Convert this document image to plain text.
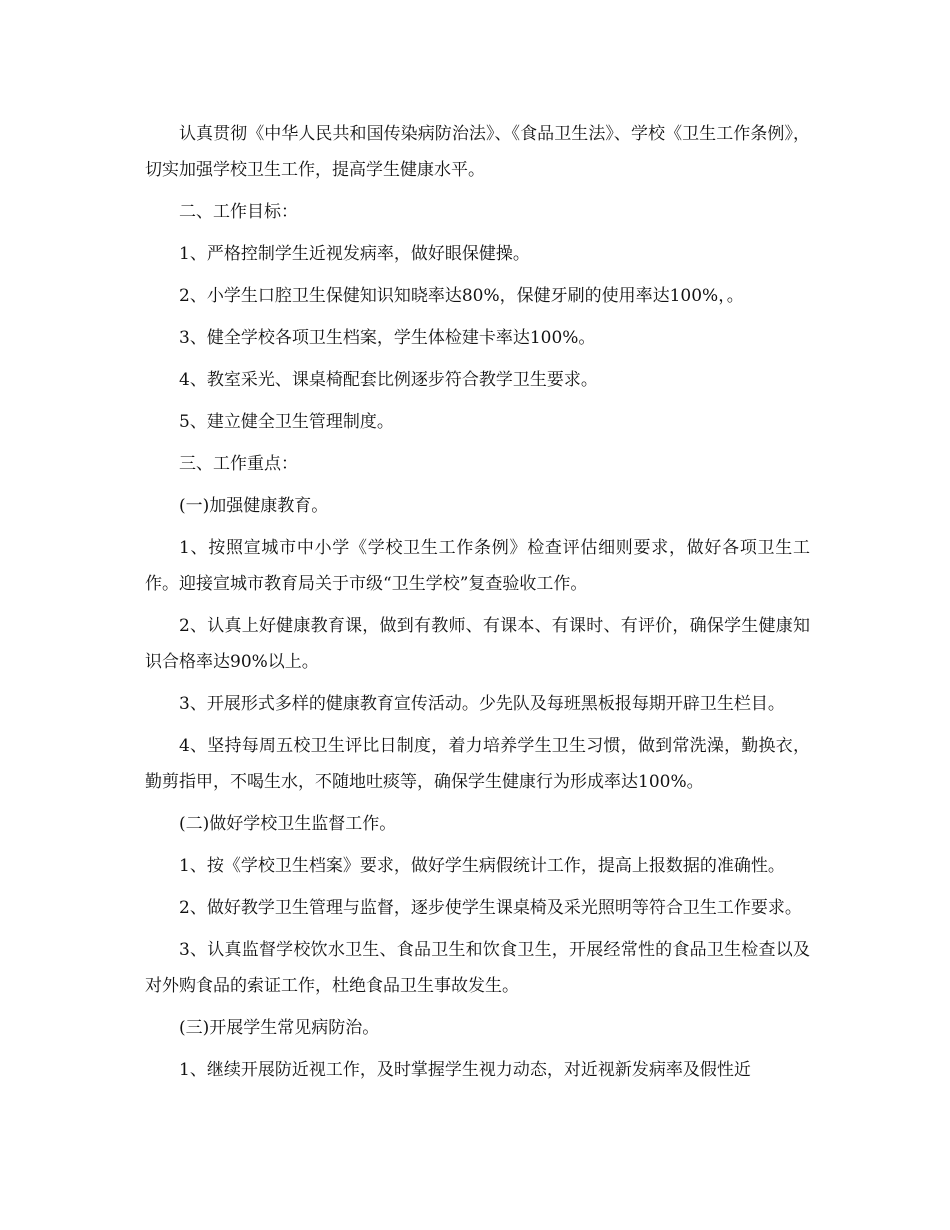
认真贯彻《中华人民共和国传染病防治法》、《食品卫生法》、学校《卫生工作条例》，切实加强学校卫生工作，提高学生健康水平。

二、工作目标：

1、严格控制学生近视发病率，做好眼保健操。

2、小学生口腔卫生保健知识知晓率达80%，保健牙刷的使用率达100%，。

3、健全学校各项卫生档案，学生体检建卡率达100%。

4、教室采光、课桌椅配套比例逐步符合教学卫生要求。

5、建立健全卫生管理制度。

三、工作重点：

(一)加强健康教育。

1、按照宣城市中小学《学校卫生工作条例》检查评估细则要求，做好各项卫生工作。迎接宣城市教育局关于市级“卫生学校”复查验收工作。

2、认真上好健康教育课，做到有教师、有课本、有课时、有评价，确保学生健康知识合格率达90%以上。

3、开展形式多样的健康教育宣传活动。少先队及每班黑板报每期开辟卫生栏目。

4、坚持每周五校卫生评比日制度，着力培养学生卫生习惯，做到常洗澡，勤换衣，勤剪指甲，不喝生水，不随地吐痰等，确保学生健康行为形成率达100%。

(二)做好学校卫生监督工作。

1、按《学校卫生档案》要求，做好学生病假统计工作，提高上报数据的准确性。

2、做好教学卫生管理与监督，逐步使学生课桌椅及采光照明等符合卫生工作要求。

3、认真监督学校饮水卫生、食品卫生和饮食卫生，开展经常性的食品卫生检查以及对外购食品的索证工作，杜绝食品卫生事故发生。

(三)开展学生常见病防治。

1、继续开展防近视工作，及时掌握学生视力动态，对近视新发病率及假性近
